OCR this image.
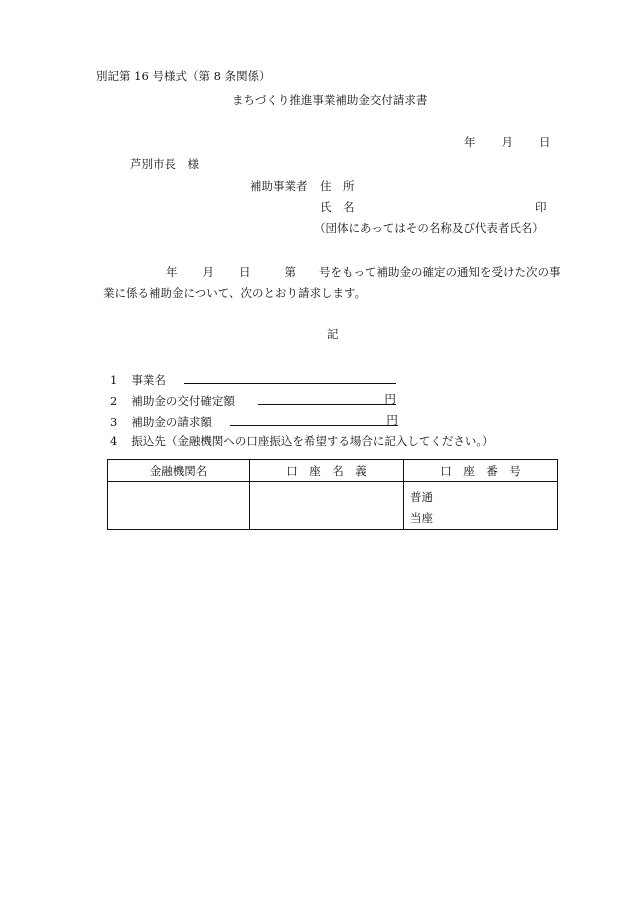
別記第 16 号様式（第 8 条関係）
まちづくり推進事業補助金交付請求書
年 月 日
芦別市長　様
補助事業者 住　所
氏　名	印
（団体にあってはその名称及び代表者氏名）
年 月 日	第 号をもって補助金の確定の通知を受けた次の事
業に係る補助金について、次のとおり請求します。
記
1 事業名
2 補助金の交付確定額	円
3 補助金の請求額	円
4 振込先（金融機関への口座振込を希望する場合に記入してください。）
金融機関名	口　座　名　義	口　座　番　号

		普通
当座
